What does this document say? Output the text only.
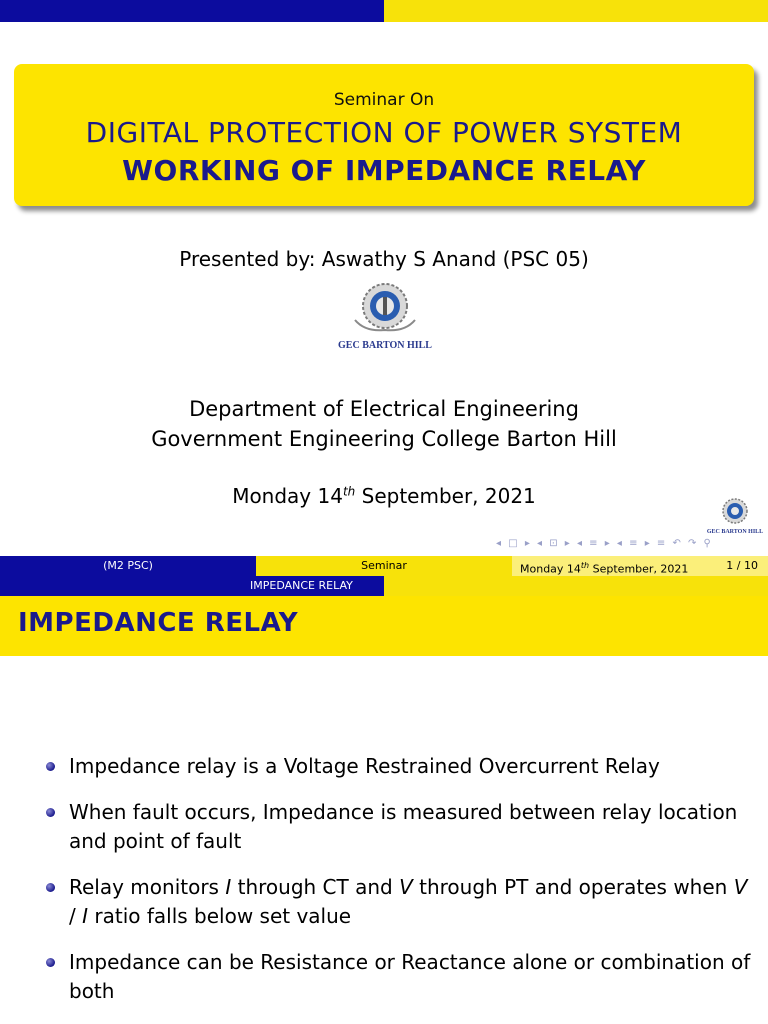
Seminar On
DIGITAL PROTECTION OF POWER SYSTEM
WORKING OF IMPEDANCE RELAY
Presented by: Aswathy S Anand (PSC 05)
GEC BARTON HILL
Department of Electrical Engineering
Government Engineering College Barton Hill
Monday 14th September, 2021
GEC BARTON HILL
◂ □ ▸ ◂ ⊡ ▸ ◂ ≡ ▸ ◂ ≡ ▸ ≡ ↶ ↷ ⚲
(M2 PSC)	Seminar	Monday 14th September, 2021	1 / 10
IMPEDANCE RELAY
IMPEDANCE RELAY
Impedance relay is a Voltage Restrained Overcurrent Relay
When fault occurs, Impedance is measured between relay location and point of fault
Relay monitors I through CT and V through PT and operates when V / I ratio falls below set value
Impedance can be Resistance or Reactance alone or combination of both
